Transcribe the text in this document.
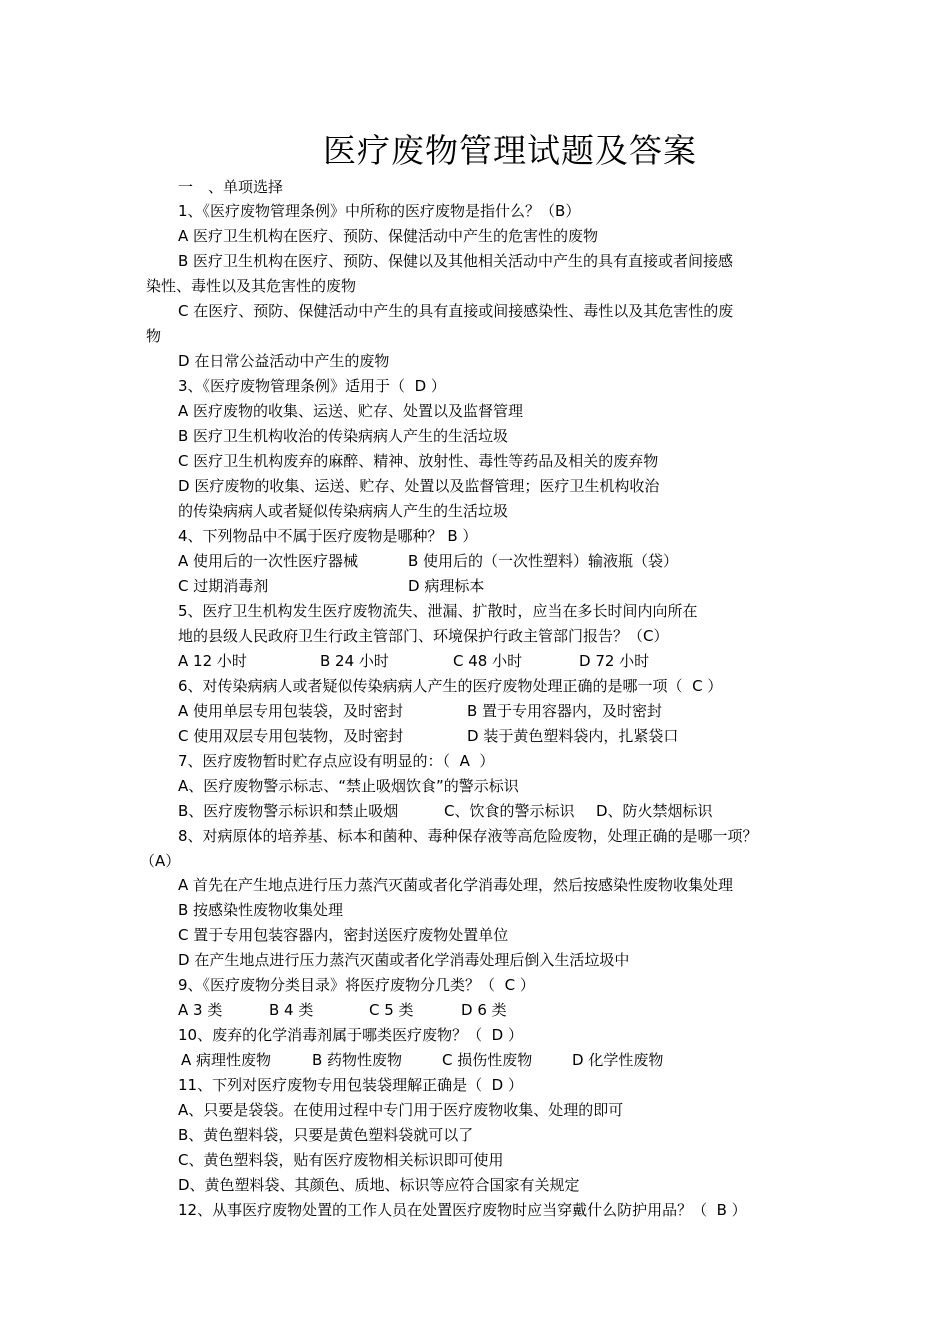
医疗废物管理试题及答案
一　、单项选择
1、《医疗废物管理条例》中所称的医疗废物是指什么？（B）
A 医疗卫生机构在医疗、预防、保健活动中产生的危害性的废物
B 医疗卫生机构在医疗、预防、保健以及其他相关活动中产生的具有直接或者间接感
染性、毒性以及其危害性的废物
C 在医疗、预防、保健活动中产生的具有直接或间接感染性、毒性以及其危害性的废
物
D 在日常公益活动中产生的废物
3、《医疗废物管理条例》适用于（  D ）
A 医疗废物的收集、运送、贮存、处置以及监督管理
B 医疗卫生机构收治的传染病病人产生的生活垃圾
C 医疗卫生机构废弃的麻醉、精神、放射性、毒性等药品及相关的废弃物
D 医疗废物的收集、运送、贮存、处置以及监督管理；医疗卫生机构收治
的传染病病人或者疑似传染病病人产生的生活垃圾
4、下列物品中不属于医疗废物是哪种？ B ）
A 使用后的一次性医疗器械	B 使用后的（一次性塑料）输液瓶（袋）
C 过期消毒剂	D 病理标本
5、医疗卫生机构发生医疗废物流失、泄漏、扩散时，应当在多长时间内向所在
地的县级人民政府卫生行政主管部门、环境保护行政主管部门报告？（C）
A 12 小时	B 24 小时	C 48 小时	D 72 小时
6、对传染病病人或者疑似传染病病人产生的医疗废物处理正确的是哪一项（  C ）
A 使用单层专用包装袋，及时密封	B 置于专用容器内，及时密封
C 使用双层专用包装物，及时密封	D 装于黄色塑料袋内，扎紧袋口
7、医疗废物暂时贮存点应设有明显的：（  A  ）
A、医疗废物警示标志、“禁止吸烟饮食”的警示标识
B、医疗废物警示标识和禁止吸烟	C、饮食的警示标识 D、防火禁烟标识
8、对病原体的培养基、标本和菌种、毒种保存液等高危险废物，处理正确的是哪一项？
（A）
A 首先在产生地点进行压力蒸汽灭菌或者化学消毒处理，然后按感染性废物收集处理
B 按感染性废物收集处理
C 置于专用包装容器内，密封送医疗废物处置单位
D 在产生地点进行压力蒸汽灭菌或者化学消毒处理后倒入生活垃圾中
9、《医疗废物分类目录》将医疗废物分几类？（  C ）
A 3 类	B 4 类	C 5 类	D 6 类
10、废弃的化学消毒剂属于哪类医疗废物？（  D ）
A 病理性废物	B 药物性废物	C 损伤性废物	D 化学性废物
11、下列对医疗废物专用包装袋理解正确是（  D ）
A、只要是袋袋。在使用过程中专门用于医疗废物收集、处理的即可
B、黄色塑料袋，只要是黄色塑料袋就可以了
C、黄色塑料袋，贴有医疗废物相关标识即可使用
D、黄色塑料袋、其颜色、质地、标识等应符合国家有关规定
12、从事医疗废物处置的工作人员在处置医疗废物时应当穿戴什么防护用品？（  B ）
